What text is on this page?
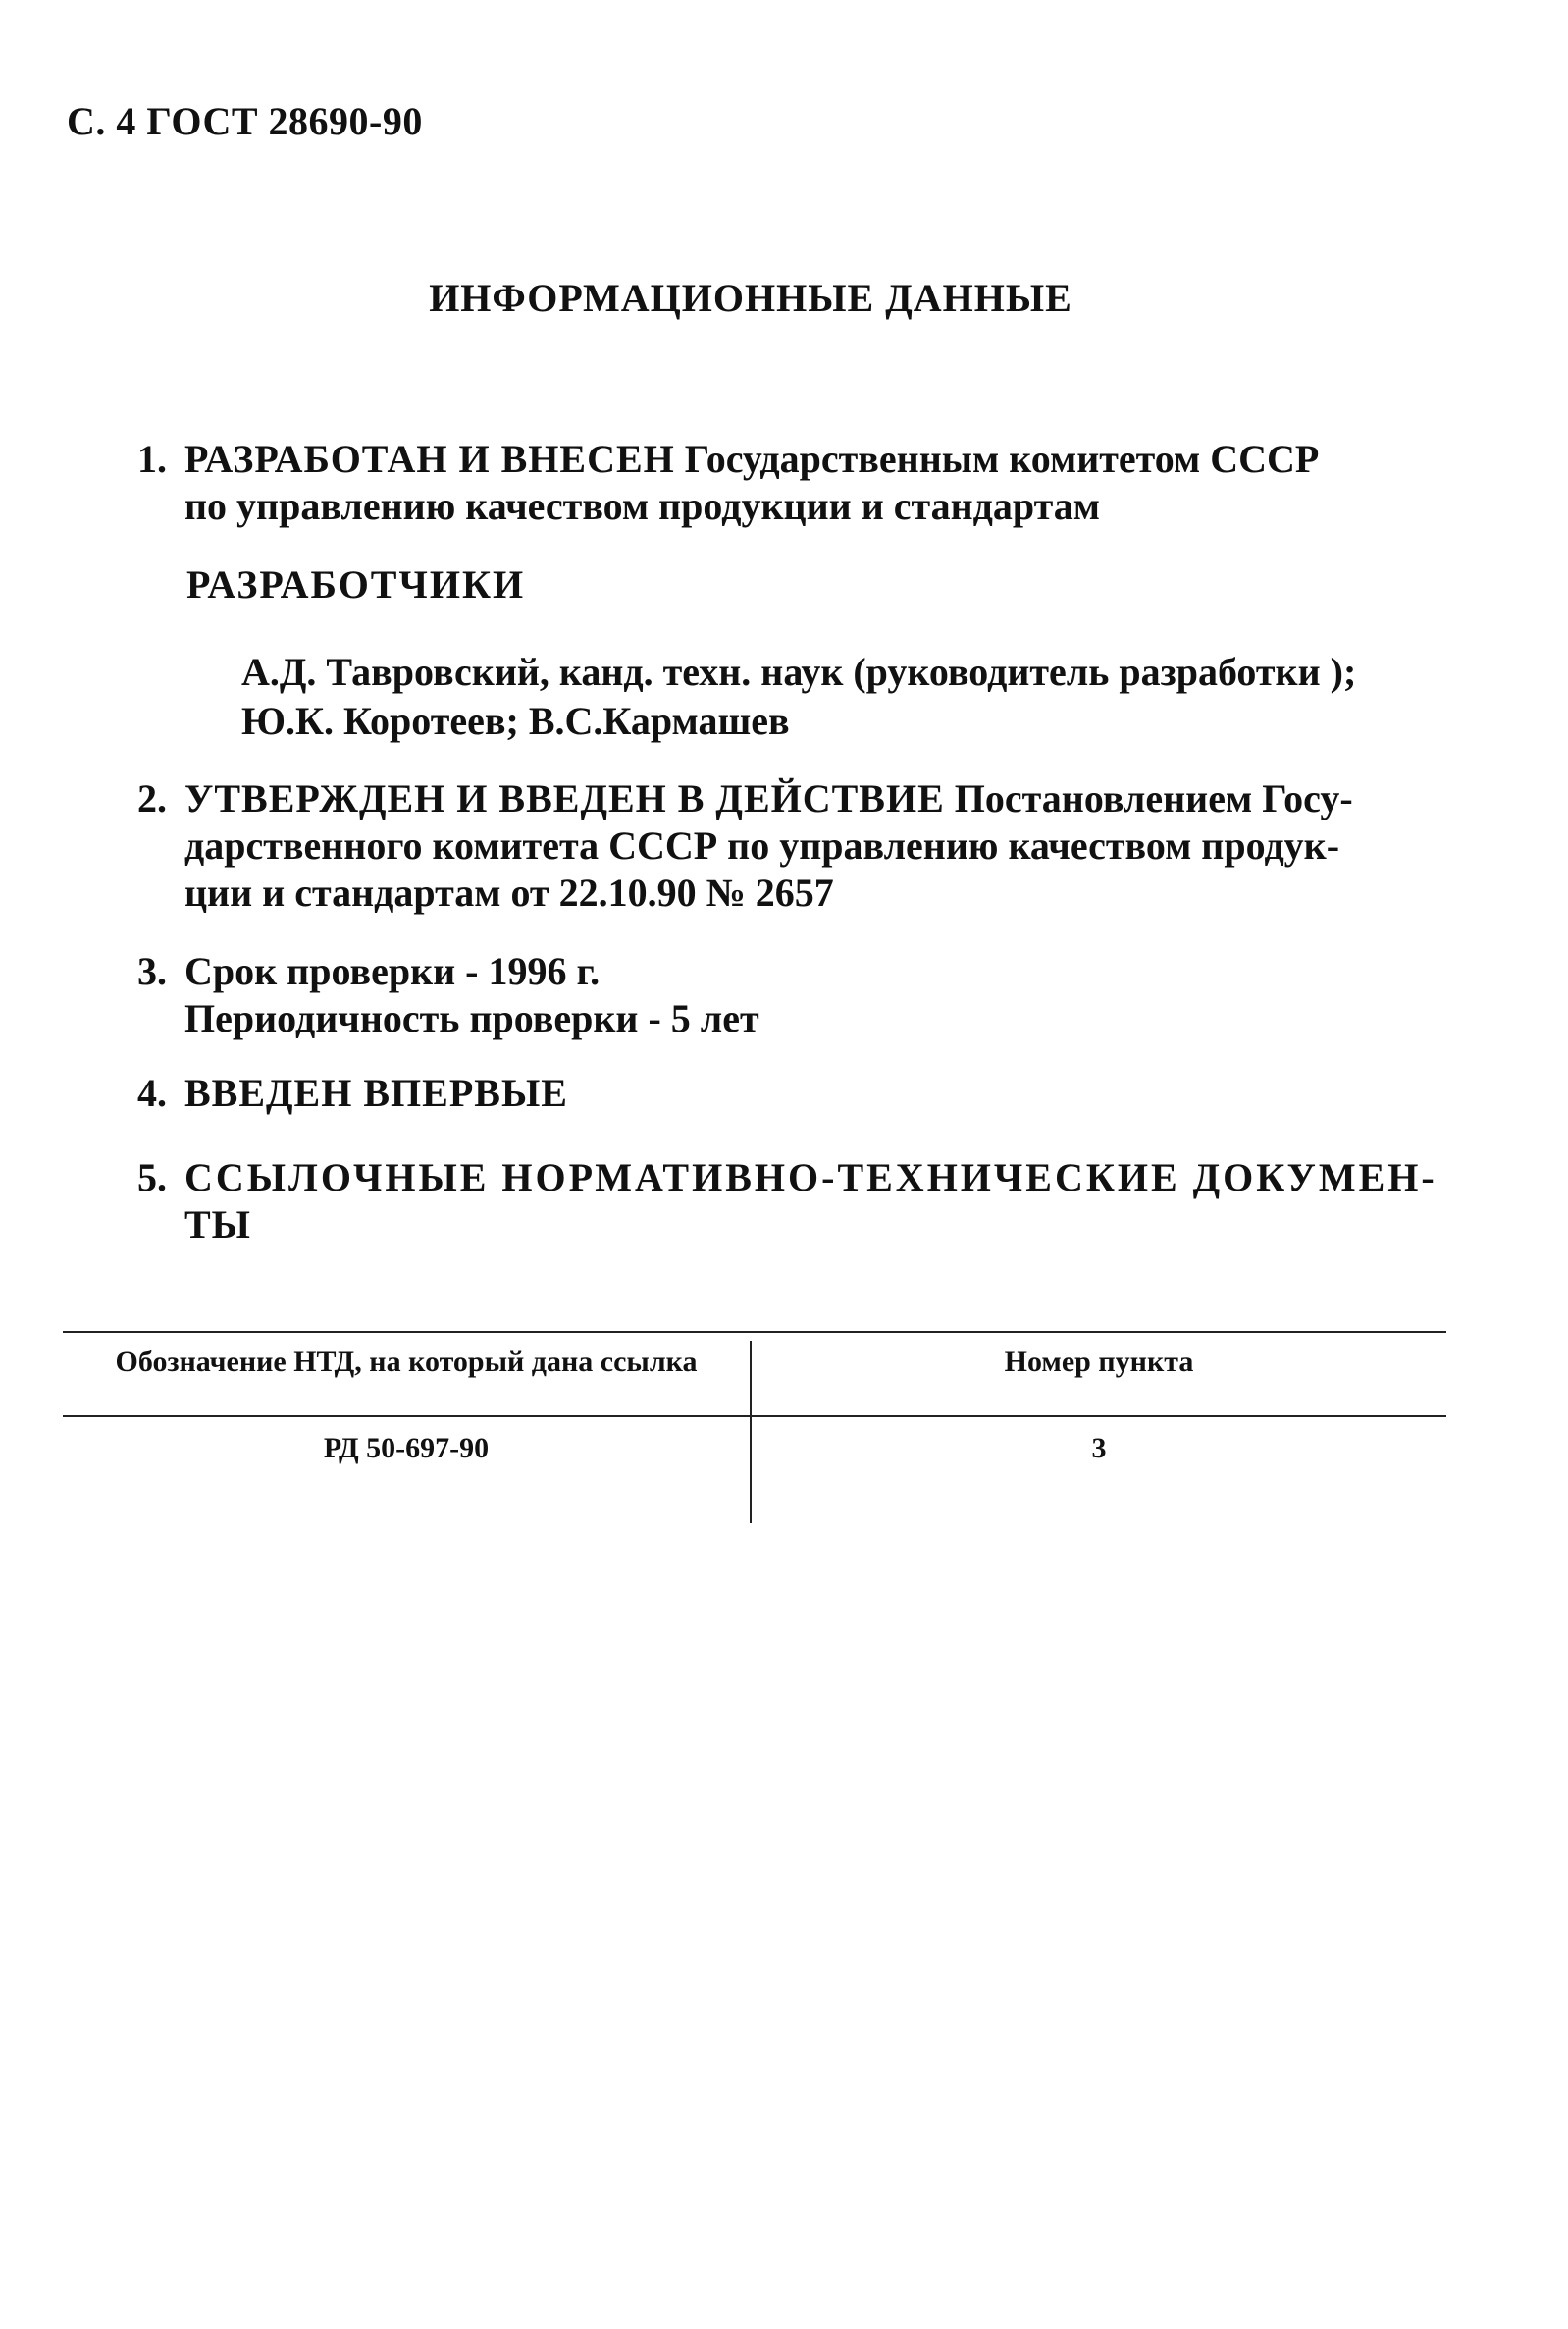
С. 4 ГОСТ 28690-90
ИНФОРМАЦИОННЫЕ ДАННЫЕ
1. РАЗРАБОТАН И ВНЕСЕН Государственным комитетом СССР
по управлению качеством продукции и стандартам
РАЗРАБОТЧИКИ
А.Д. Тавровский, канд. техн. наук (руководитель разработки );
Ю.К. Коротеев; В.С.Кармашев
2. УТВЕРЖДЕН И ВВЕДЕН В ДЕЙСТВИЕ Постановлением Госу-
дарственного комитета СССР по управлению качеством продук-
ции и стандартам от 22.10.90 № 2657
3. Срок проверки - 1996 г.
Периодичность проверки - 5 лет
4. ВВЕДЕН ВПЕРВЫЕ
5. ССЫЛОЧНЫЕ НОРМАТИВНО-ТЕХНИЧЕСКИЕ ДОКУМЕН-
ТЫ
Обозначение НТД, на который дана ссылка	Номер пункта
РД 50-697-90	3
